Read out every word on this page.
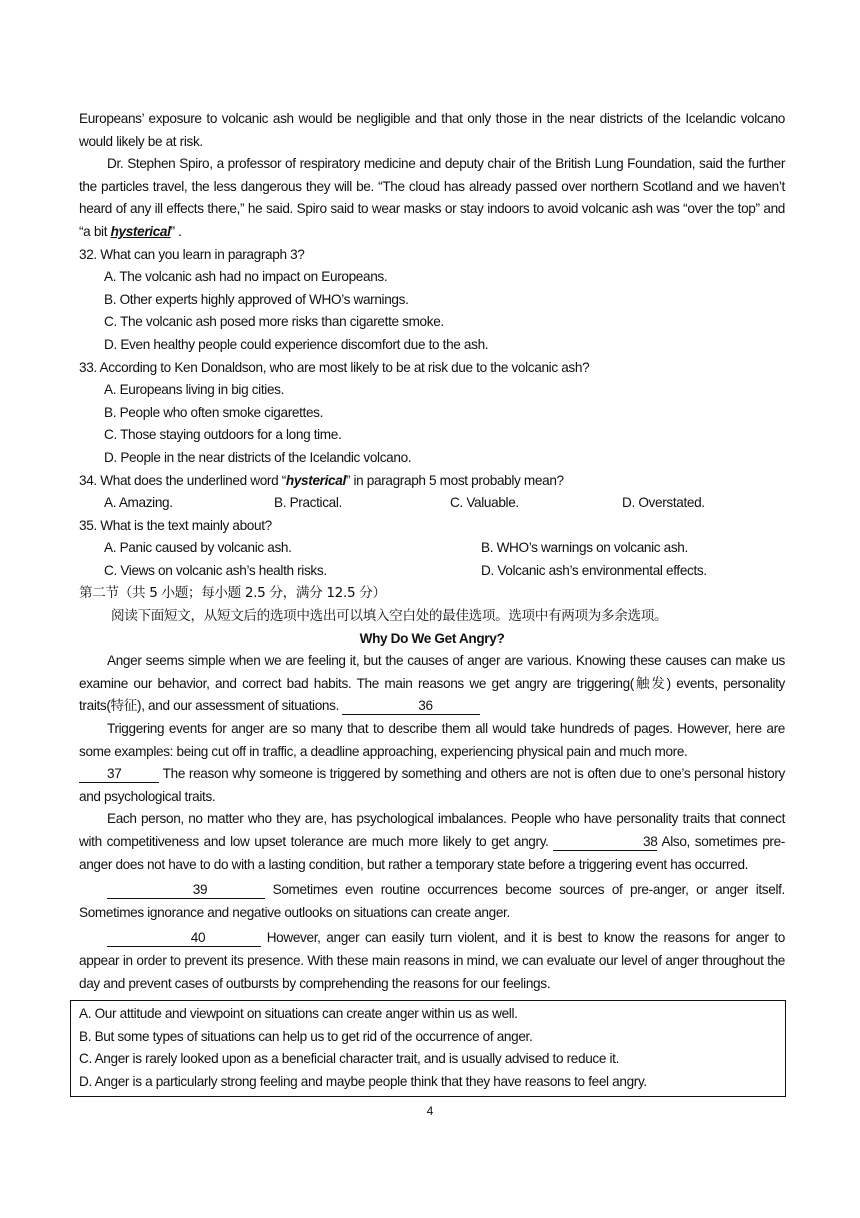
Europeans’ exposure to volcanic ash would be negligible and that only those in the near districts of the Icelandic volcano would likely be at risk.

Dr. Stephen Spiro, a professor of respiratory medicine and deputy chair of the British Lung Foundation, said the further the particles travel, the less dangerous they will be. “The cloud has already passed over northern Scotland and we haven’t heard of any ill effects there,” he said. Spiro said to wear masks or stay indoors to avoid volcanic ash was “over the top” and “a bit hysterical” .

32. What can you learn in paragraph 3?

A. The volcanic ash had no impact on Europeans.

B. Other experts highly approved of WHO’s warnings.

C. The volcanic ash posed more risks than cigarette smoke.

D. Even healthy people could experience discomfort due to the ash.

33. According to Ken Donaldson, who are most likely to be at risk due to the volcanic ash?

A. Europeans living in big cities.

B. People who often smoke cigarettes.

C. Those staying outdoors for a long time.

D. People in the near districts of the Icelandic volcano.

34. What does the underlined word “hysterical” in paragraph 5 most probably mean?

A. Amazing.	B. Practical.	C. Valuable.	D. Overstated.

35. What is the text mainly about?

A. Panic caused by volcanic ash.	B. WHO’s warnings on volcanic ash.
C. Views on volcanic ash’s health risks.	D. Volcanic ash’s environmental effects.

第二节（共 5 小题；每小题 2.5 分，满分 12.5 分）

阅读下面短文，从短文后的选项中选出可以填入空白处的最佳选项。选项中有两项为多余选项。

Why Do We Get Angry?

Anger seems simple when we are feeling it, but the causes of anger are various. Knowing these causes can make us examine our behavior, and correct bad habits. The main reasons we get angry are triggering(触发) events, personality traits(特征), and our assessment of situations.	36

Triggering events for anger are so many that to describe them all would take hundreds of pages. However, here are some examples: being cut off in traffic, a deadline approaching, experiencing physical pain and much more.
37	The reason why someone is triggered by something and others are not is often due to one’s personal history and psychological traits.

Each person, no matter who they are, has psychological imbalances. People who have personality traits that connect with competitiveness and low upset tolerance are much more likely to get angry.	38 Also, sometimes pre-anger does not have to do with a lasting condition, but rather a temporary state before a triggering event has occurred.

39	Sometimes even routine occurrences become sources of pre-anger, or anger itself. Sometimes ignorance and negative outlooks on situations can create anger.

40	However, anger can easily turn violent, and it is best to know the reasons for anger to appear in order to prevent its presence. With these main reasons in mind, we can evaluate our level of anger throughout the day and prevent cases of outbursts by comprehending the reasons for our feelings.

A. Our attitude and viewpoint on situations can create anger within us as well.

B. But some types of situations can help us to get rid of the occurrence of anger.

C. Anger is rarely looked upon as a beneficial character trait, and is usually advised to reduce it.

D. Anger is a particularly strong feeling and maybe people think that they have reasons to feel angry.

4
